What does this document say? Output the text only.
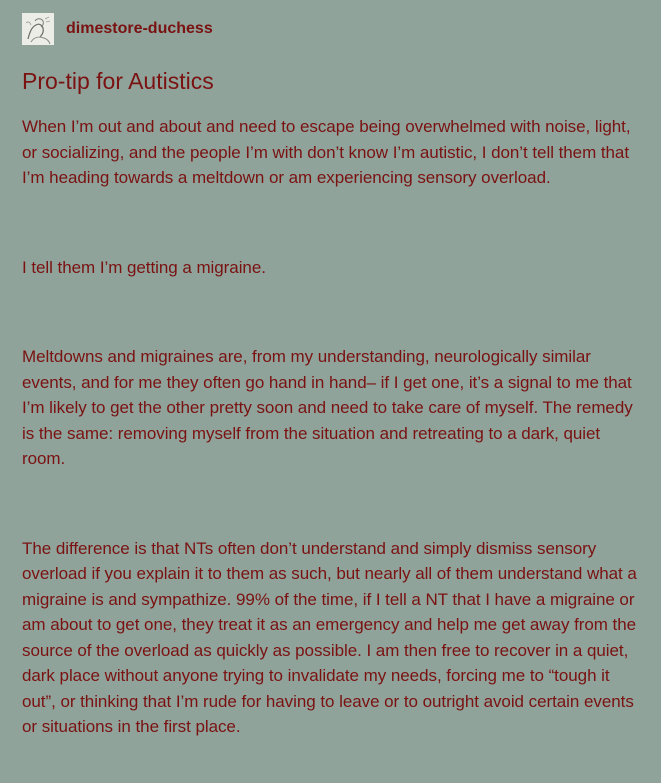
dimestore-duchess
Pro-tip for Autistics

When I’m out and about and need to escape being overwhelmed with noise, light, or socializing, and the people I’m with don’t know I’m autistic, I don’t tell them that I’m heading towards a meltdown or am experiencing sensory overload.

I tell them I’m getting a migraine.

Meltdowns and migraines are, from my understanding, neurologically similar events, and for me they often go hand in hand– if I get one, it’s a signal to me that I’m likely to get the other pretty soon and need to take care of myself. The remedy is the same: removing myself from the situation and retreating to a dark, quiet room.

The difference is that NTs often don’t understand and simply dismiss sensory overload if you explain it to them as such, but nearly all of them understand what a migraine is and sympathize. 99% of the time, if I tell a NT that I have a migraine or am about to get one, they treat it as an emergency and help me get away from the source of the overload as quickly as possible. I am then free to recover in a quiet, dark place without anyone trying to invalidate my needs, forcing me to “tough it out”, or thinking that I’m rude for having to leave or to outright avoid certain events or situations in the first place.
